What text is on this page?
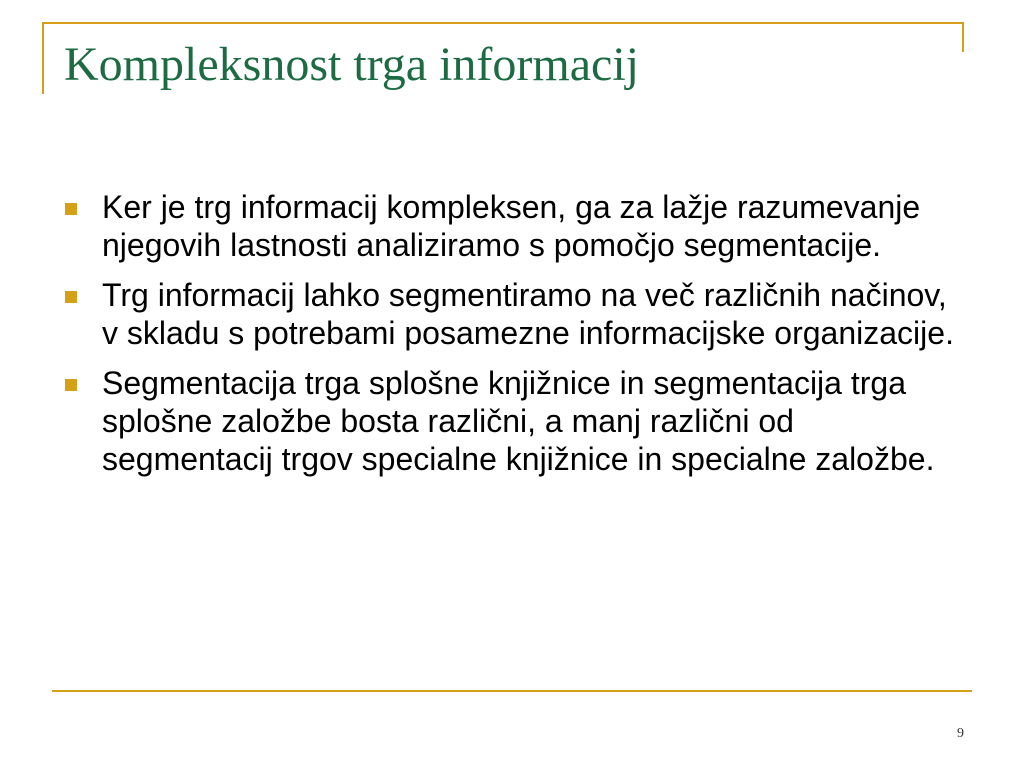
Kompleksnost trga informacij
Ker je trg informacij kompleksen, ga za lažje razumevanje njegovih lastnosti analiziramo s pomočjo segmentacije.
Trg informacij lahko segmentiramo na več različnih načinov, v skladu s potrebami posamezne informacijske organizacije.
Segmentacija trga splošne knjižnice in segmentacija trga splošne založbe bosta različni, a manj različni od segmentacij trgov specialne knjižnice in specialne založbe.
9
